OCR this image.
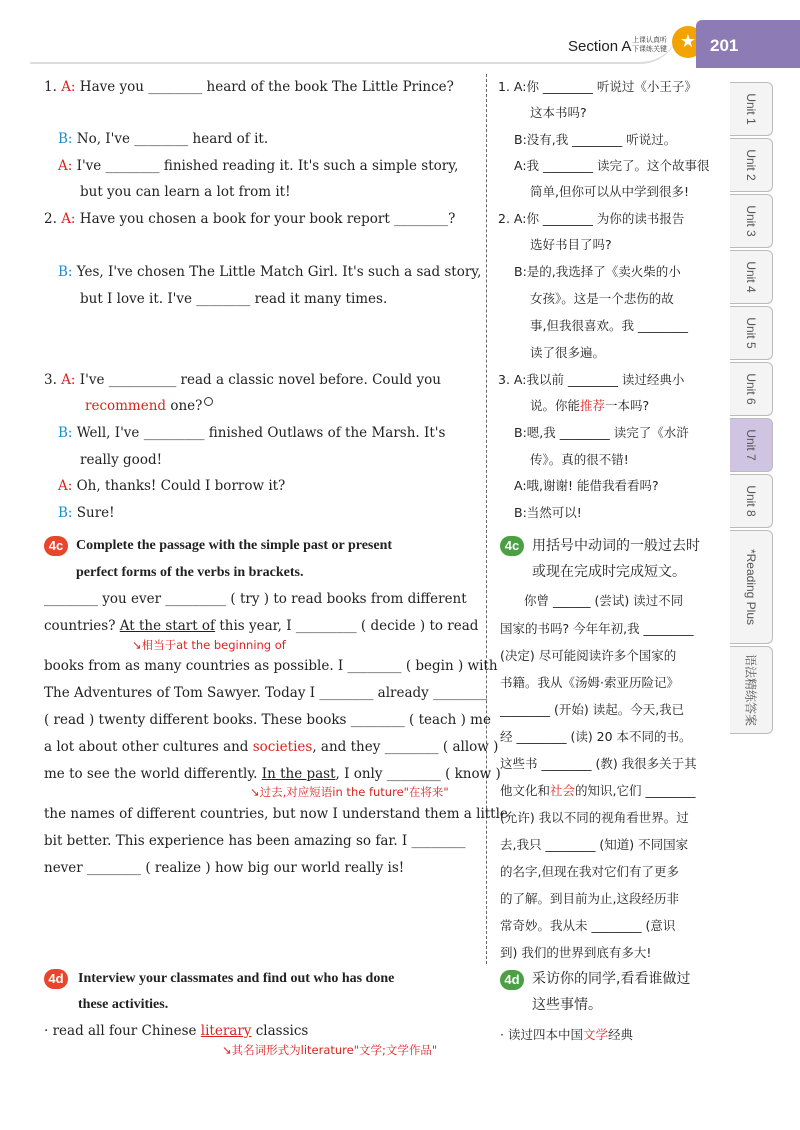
Section A 上课认真听
下课练关键 ★ 201
Unit 1
Unit 2
Unit 3
Unit 4
Unit 5
Unit 6
Unit 7
Unit 8
*Reading Plus
语法精练答案
1. A: Have you ________ heard of the book The Little Prince?
B: No, I've ________ heard of it.
A: I've ________ finished reading it. It's such a simple story,
but you can learn a lot from it!
2. A: Have you chosen a book for your book report ________?
B: Yes, I've chosen The Little Match Girl. It's such a sad story,
but I love it. I've ________ read it many times.
3. A: I've __________ read a classic novel before. Could you
recommend one?
B: Well, I've _________ finished Outlaws of the Marsh. It's
really good!
A: Oh, thanks! Could I borrow it?
B: Sure!
4c Complete the passage with the simple past or present
perfect forms of the verbs in brackets.
________ you ever _________ ( try ) to read books from different
countries? At the start of this year, I _________ ( decide ) to read
↘相当于at the beginning of
books from as many countries as possible. I ________ ( begin ) with
The Adventures of Tom Sawyer. Today I ________ already ________
( read ) twenty different books. These books ________ ( teach ) me
a lot about other cultures and societies, and they ________ ( allow )
me to see the world differently. In the past, I only ________ ( know )
↘过去,对应短语in the future"在将来"
the names of different countries, but now I understand them a little
bit better. This experience has been amazing so far. I ________
never ________ ( realize ) how big our world really is!
4d	Interview your classmates and find out who has done
these activities.
· read all four Chinese literary classics
↘其名词形式为literature"文学;文学作品"
1. A:你 ________ 听说过《小王子》
这本书吗?
B:没有,我 ________ 听说过。
A:我 ________ 读完了。这个故事很
简单,但你可以从中学到很多!
2. A:你 ________ 为你的读书报告
选好书目了吗?
B:是的,我选择了《卖火柴的小
女孩》。这是一个悲伤的故
事,但我很喜欢。我 ________
读了很多遍。
3. A:我以前 ________ 读过经典小
说。你能推荐一本吗?
B:嗯,我 ________ 读完了《水浒
传》。真的很不错!
A:哦,谢谢! 能借我看看吗?
B:当然可以!
4c 用括号中动词的一般过去时
或现在完成时完成短文。
你曾 ______ (尝试) 读过不同
国家的书吗? 今年年初,我 ________
(决定) 尽可能阅读许多个国家的
书籍。我从《汤姆·索亚历险记》
________ (开始) 读起。今天,我已
经 ________ (读) 20 本不同的书。
这些书 ________ (教) 我很多关于其
他文化和社会的知识,它们 ________
(允许) 我以不同的视角看世界。过
去,我只 ________ (知道) 不同国家
的名字,但现在我对它们有了更多
的了解。到目前为止,这段经历非
常奇妙。我从未 ________ (意识
到) 我们的世界到底有多大!
4d 采访你的同学,看看谁做过
这些事情。
· 读过四本中国文学经典
